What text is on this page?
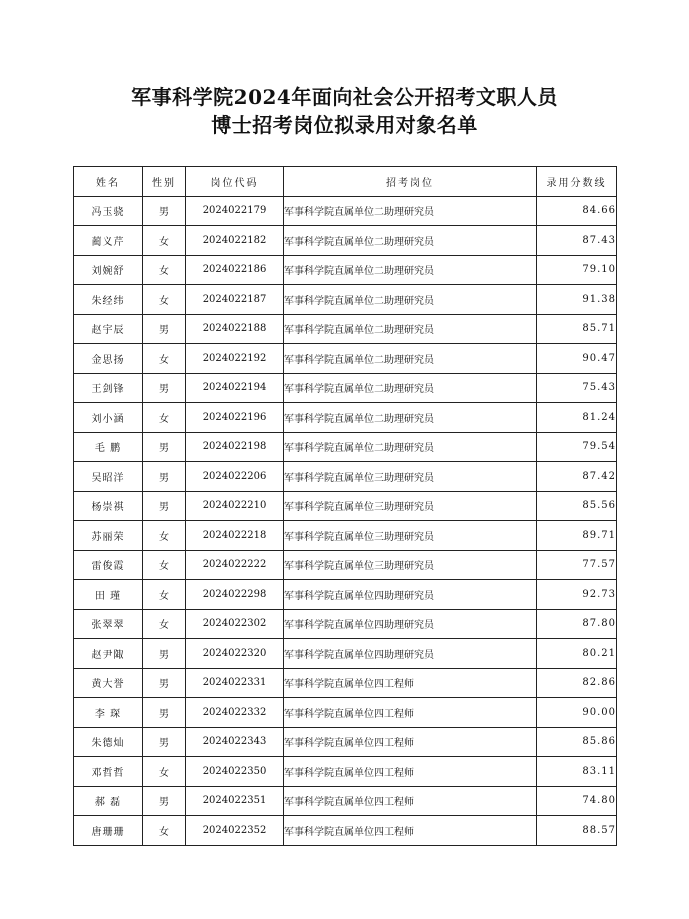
军事科学院2024年面向社会公开招考文职人员
博士招考岗位拟录用对象名单
姓名	性别	岗位代码	招考岗位	录用分数线
冯玉骁	男	2024022179	军事科学院直属单位二助理研究员	84.66
蔺义芹	女	2024022182	军事科学院直属单位二助理研究员	87.43
刘婉舒	女	2024022186	军事科学院直属单位二助理研究员	79.10
朱经纬	女	2024022187	军事科学院直属单位二助理研究员	91.38
赵宇辰	男	2024022188	军事科学院直属单位二助理研究员	85.71
金思扬	女	2024022192	军事科学院直属单位二助理研究员	90.47
王剑锋	男	2024022194	军事科学院直属单位二助理研究员	75.43
刘小涵	女	2024022196	军事科学院直属单位二助理研究员	81.24
毛 鹏	男	2024022198	军事科学院直属单位二助理研究员	79.54
吴昭洋	男	2024022206	军事科学院直属单位三助理研究员	87.42
杨崇祺	男	2024022210	军事科学院直属单位三助理研究员	85.56
苏丽荣	女	2024022218	军事科学院直属单位三助理研究员	89.71
雷俊霞	女	2024022222	军事科学院直属单位三助理研究员	77.57
田 瑾	女	2024022298	军事科学院直属单位四助理研究员	92.73
张翠翠	女	2024022302	军事科学院直属单位四助理研究员	87.80
赵尹陬	男	2024022320	军事科学院直属单位四助理研究员	80.21
黄大誉	男	2024022331	军事科学院直属单位四工程师	82.86
李 琛	男	2024022332	军事科学院直属单位四工程师	90.00
朱德灿	男	2024022343	军事科学院直属单位四工程师	85.86
邓哲哲	女	2024022350	军事科学院直属单位四工程师	83.11
郝 磊	男	2024022351	军事科学院直属单位四工程师	74.80
唐珊珊	女	2024022352	军事科学院直属单位四工程师	88.57
